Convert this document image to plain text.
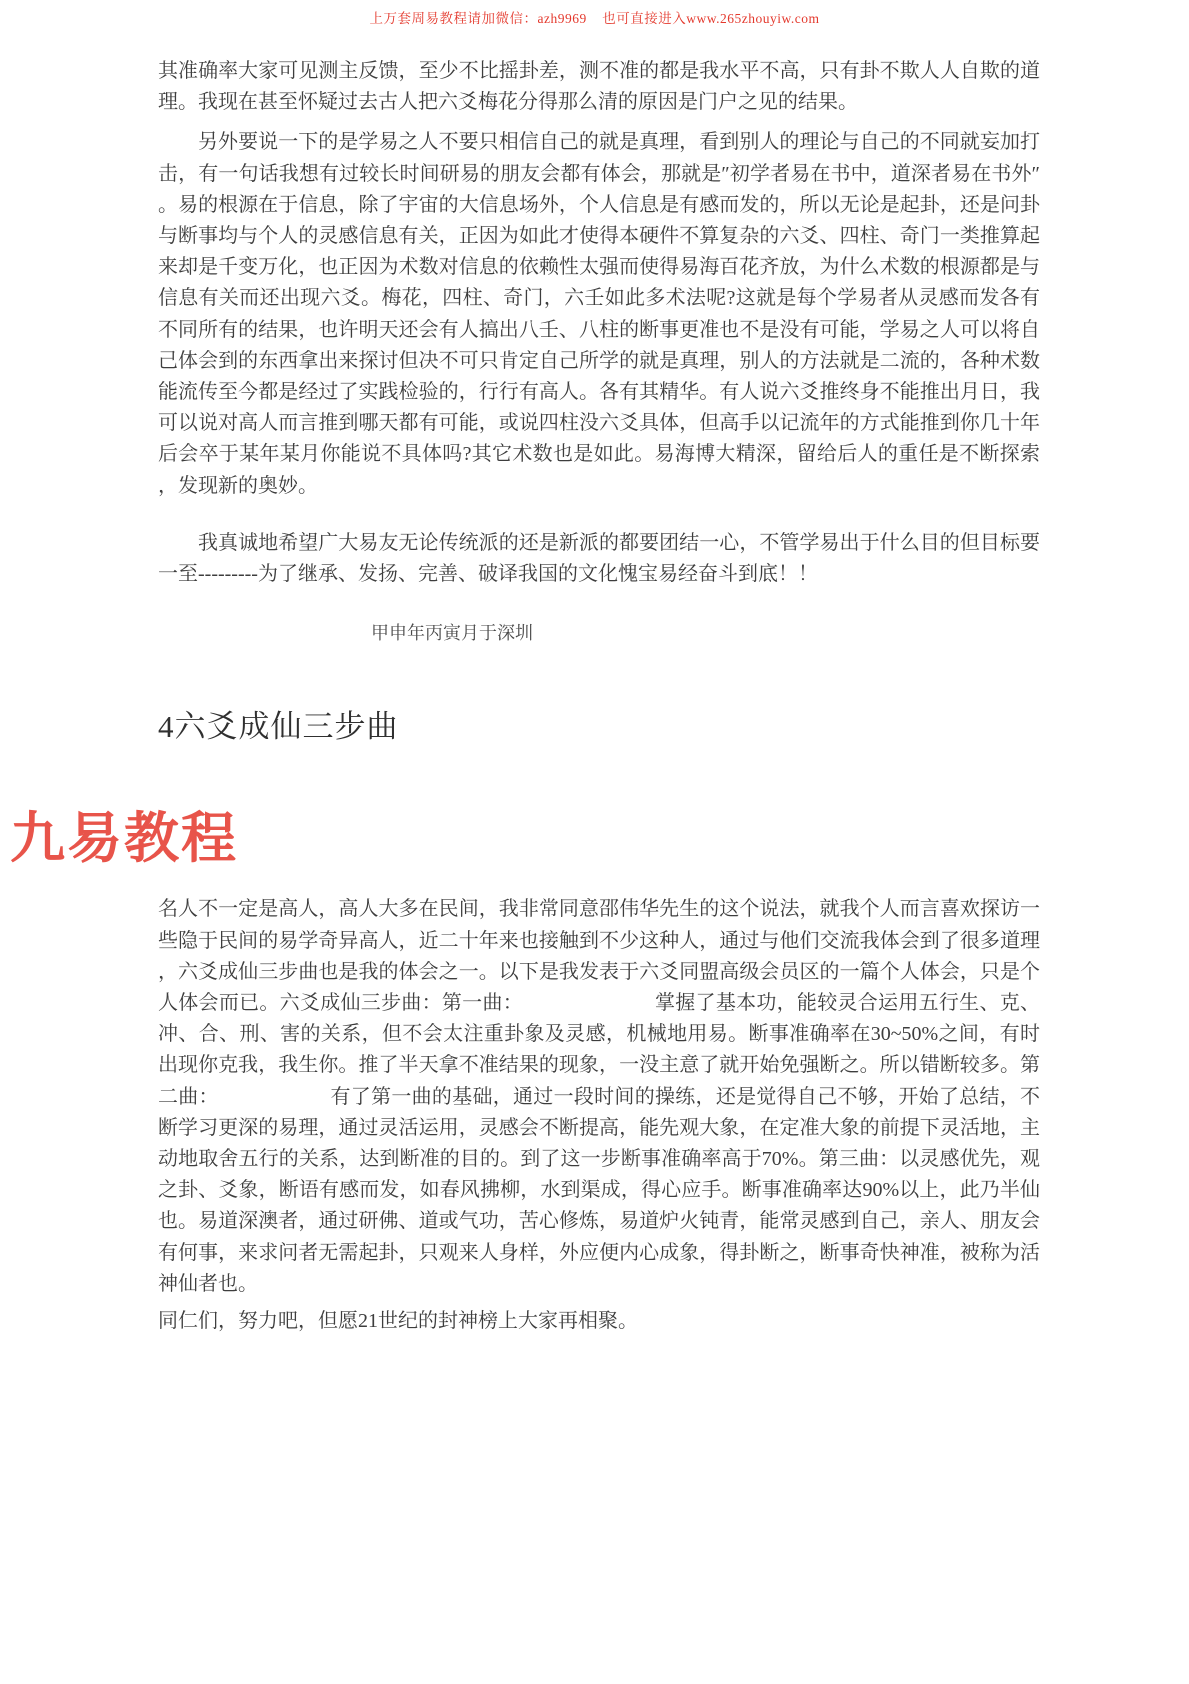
上万套周易教程请加微信：azh9969    也可直接进入www.265zhouyiw.com

其准确率大家可见测主反馈，至少不比摇卦差，测不准的都是我水平不高，只有卦不欺人人自欺的道理。我现在甚至怀疑过去古人把六爻梅花分得那么清的原因是门户之见的结果。

另外要说一下的是学易之人不要只相信自己的就是真理，看到别人的理论与自己的不同就妄加打击，有一句话我想有过较长时间研易的朋友会都有体会，那就是″初学者易在书中，道深者易在书外″。易的根源在于信息，除了宇宙的大信息场外，个人信息是有感而发的，所以无论是起卦，还是问卦与断事均与个人的灵感信息有关，正因为如此才使得本硬件不算复杂的六爻、四柱、奇门一类推算起来却是千变万化，也正因为术数对信息的依赖性太强而使得易海百花齐放，为什么术数的根源都是与信息有关而还出现六爻。梅花，四柱、奇门，六壬如此多术法呢?这就是每个学易者从灵感而发各有不同所有的结果，也许明天还会有人搞出八壬、八柱的断事更准也不是没有可能，学易之人可以将自己体会到的东西拿出来探讨但决不可只肯定自己所学的就是真理，别人的方法就是二流的，各种术数能流传至今都是经过了实践检验的，行行有高人。各有其精华。有人说六爻推终身不能推出月日，我可以说对高人而言推到哪天都有可能，或说四柱没六爻具体，但高手以记流年的方式能推到你几十年后会卒于某年某月你能说不具体吗?其它术数也是如此。易海博大精深，留给后人的重任是不断探索，发现新的奥妙。

我真诚地希望广大易友无论传统派的还是新派的都要团结一心，不管学易出于什么目的但目标要一至---------为了继承、发扬、完善、破译我国的文化愧宝易经奋斗到底！！

甲申年丙寅月于深圳
4六爻成仙三步曲

名人不一定是高人，高人大多在民间，我非常同意邵伟华先生的这个说法，就我个人而言喜欢探访一些隐于民间的易学奇异高人，近二十年来也接触到不少这种人，通过与他们交流我体会到了很多道理，六爻成仙三步曲也是我的体会之一。以下是我发表于六爻同盟高级会员区的一篇个人体会，只是个人体会而已。六爻成仙三步曲：第一曲：　　　　　　　掌握了基本功，能较灵合运用五行生、克、冲、合、刑、害的关系，但不会太注重卦象及灵感，机械地用易。断事准确率在30~50%之间，有时出现你克我，我生你。推了半天拿不准结果的现象，一没主意了就开始免强断之。所以错断较多。第二曲：　　　　　　有了第一曲的基础，通过一段时间的操练，还是觉得自己不够，开始了总结，不断学习更深的易理，通过灵活运用，灵感会不断提高，能先观大象，在定准大象的前提下灵活地，主动地取舍五行的关系，达到断准的目的。到了这一步断事准确率高于70%。第三曲：以灵感优先，观之卦、爻象，断语有感而发，如春风拂柳，水到渠成，得心应手。断事准确率达90%以上，此乃半仙也。易道深澳者，通过研佛、道或气功，苦心修炼，易道炉火钝青，能常灵感到自己，亲人、朋友会有何事，来求问者无需起卦，只观来人身样，外应便内心成象，得卦断之，断事奇快神准，被称为活神仙者也。

同仁们，努力吧，但愿21世纪的封神榜上大家再相聚。

九易教程
